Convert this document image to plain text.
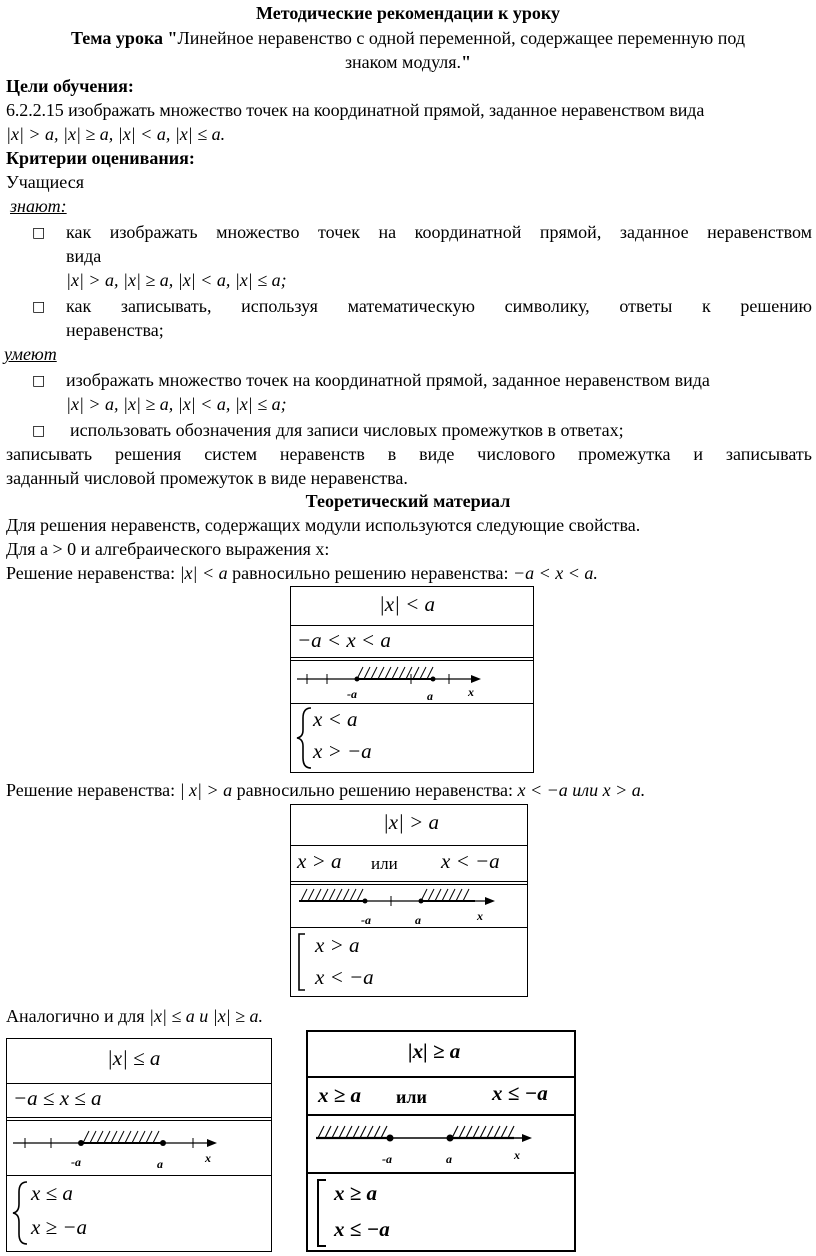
Методические рекомендации к уроку
Тема урока "Линейное неравенство с одной переменной, содержащее переменную под
знаком модуля."
Цели обучения:
6.2.2.15 изображать множество точек на координатной прямой, заданное неравенством вида
|x| > a, |x| ≥ a, |x| < a, |x| ≤ a.
Критерии оценивания:
Учащиеся
знают:
□ как изображать множество точек на координатной прямой, заданное неравенством
вида
|x| > a, |x| ≥ a, |x| < a, |x| ≤ a;
□ как записывать, используя математическую символику, ответы к решению
неравенства;
умеют
□ изображать множество точек на координатной прямой, заданное неравенством вида
|x| > a, |x| ≥ a, |x| < a, |x| ≤ a;
□ использовать обозначения для записи числовых промежутков в ответах;
записывать решения систем неравенств в виде числового промежутка и записывать
заданный числовой промежуток в виде неравенства.
Теоретический материал
Для решения неравенств, содержащих модули используются следующие свойства.
Для а > 0 и алгебраического выражения х:
Решение неравенства: |x| < a равносильно решению неравенства: −a < x < a.
Решение неравенства: | x| > a равносильно решению неравенства: x < −a или x > a.
Аналогично и для |x| ≤ a и |x| ≥ a.
|x| < a
−a < x < a
-a	a	x
x < a
x > −a
|x| > a
x > a или x < −a
-a	a	x
x > a
x < −a
|x| ≤ a
−a ≤ x ≤ a
-a	a	x
x ≤ a
x ≥ −a
|x| ≥ a
x ≥ a или	x ≤ −a
-a	a	x
x ≥ a
x ≤ −a
